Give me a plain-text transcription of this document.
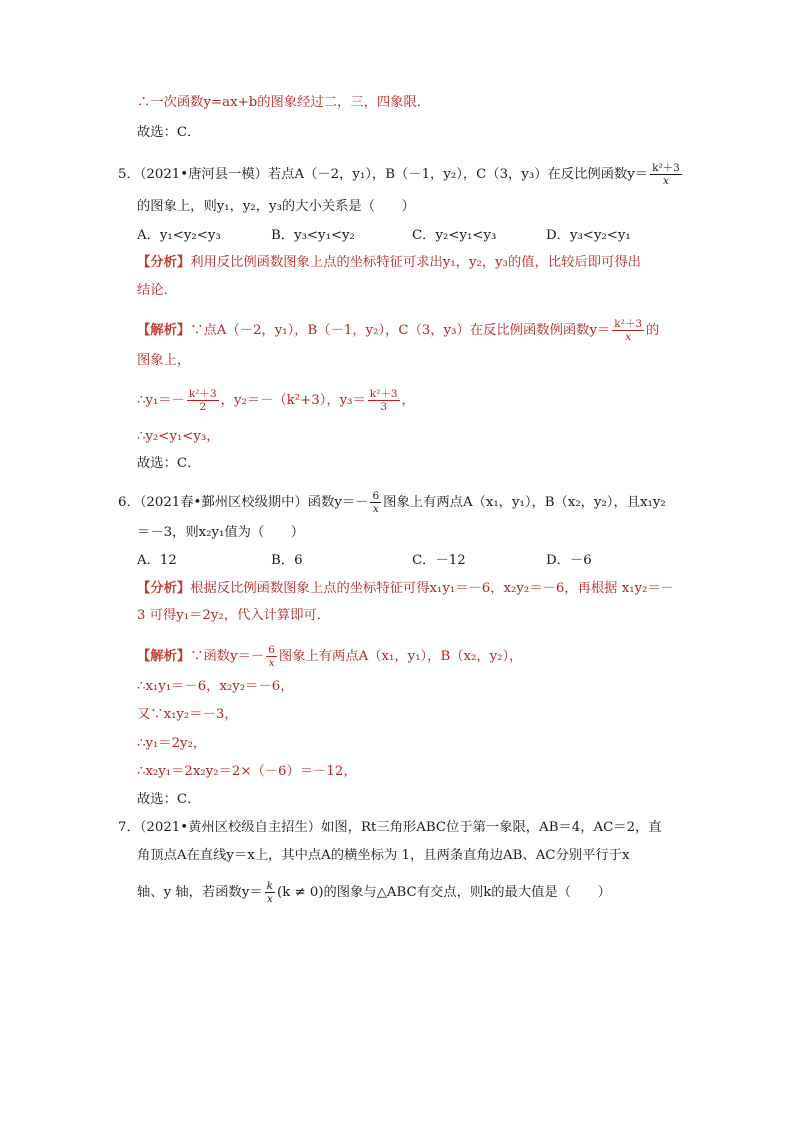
∴一次函数y=ax+b的图象经过二，三，四象限．
故选：C．
5．（2021•唐河县一模）若点A（－2，y₁），B（－1，y₂），C（3，y₃）在反比例函数$y= \frac{\text{k²＋3}}{x}$
的图象上，则y₁，y₂，y₃的大小关系是（　　）
A．y₁<y₂<y₃	B．y₃<y₁<y₂	C．y₂<y₁<y₃	D．y₃<y₂<y₁
【分析】利用反比例函数图象上点的坐标特征可求出y₁，y₂，y₃的值，比较后即可得出
结论．
【解析】∵点A（－2，y₁），B（－1，y₂），C（3，y₃）在反比例函数例函数$y= \frac{\text{k²＋3}}{x}$ 的
图象上，
∴y₁＝－ $\frac{\text{k²＋3}}{2}$ ，y₂＝－（k²+3），$y_3= \frac{\text{k²＋3}}{3}$ ，
∴y₂<y₁<y₃，
故选：C．
6．（2021春•鄞州区校级期中）函数$y=- \frac{6}{x}$ 图象上有两点A（x₁，y₁），B（x₂，y₂），且x₁y₂
＝－3，则x₂y₁值为（　　）
A．12	B．6	C．－12	D．－6
【分析】根据反比例函数图象上点的坐标特征可得x₁y₁＝－6，x₂y₂＝－6，再根据 x₁y₂＝－
3 可得y₁＝2y₂，代入计算即可．
【解析】∵函数$y=- \frac{6}{x}$ 图象上有两点A（x₁，y₁），B（x₂，y₂），
∴x₁y₁＝－6，x₂y₂＝－6，
又∵x₁y₂＝－3，
∴y₁＝2y₂，
∴x₂y₁＝2x₂y₂＝2×（－6）＝－12，
故选：C．
7．（2021•黄州区校级自主招生）如图，Rt三角形ABC位于第一象限，AB＝4，AC＝2，直
角顶点A在直线y＝x上，其中点A的横坐标为 1，且两条直角边AB、AC分别平行于x
轴、y 轴，若函数$y= \frac{k}{x} (k \ne 0)$的图象与△ABC有交点，则k的最大值是（　　）
